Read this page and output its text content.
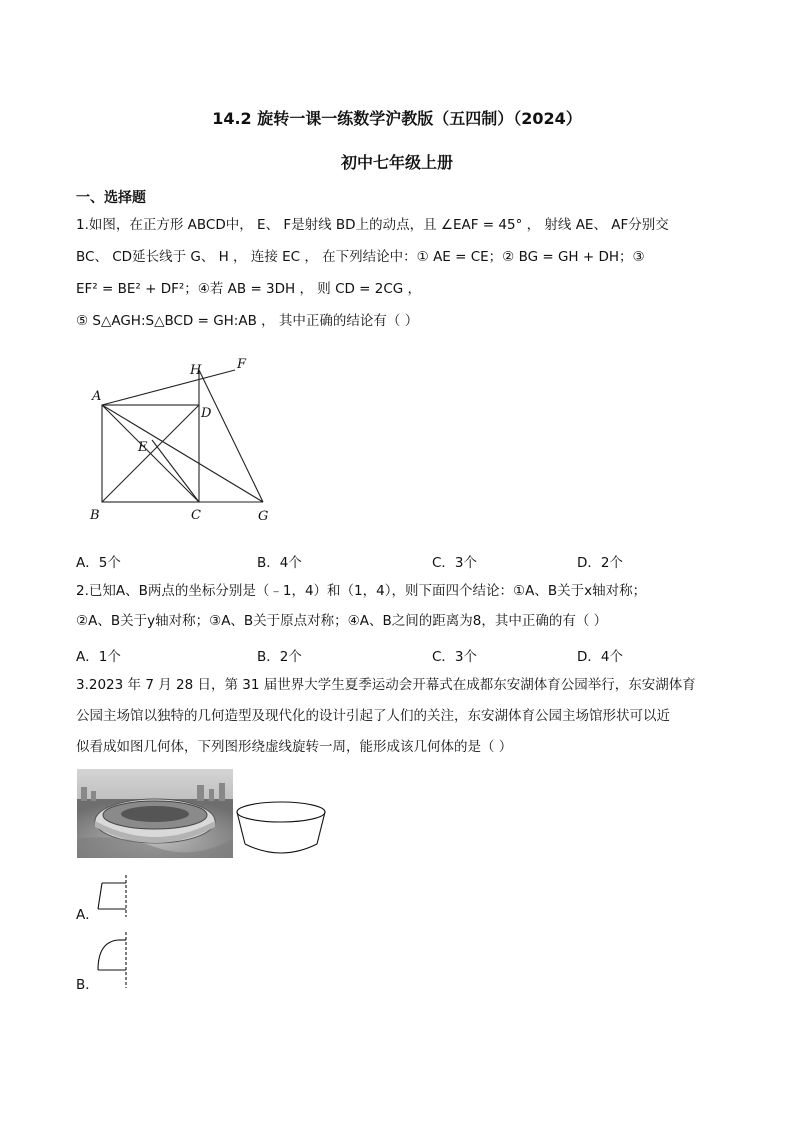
14.2 旋转一课一练数学沪教版（五四制）（2024）
初中七年级上册
一、选择题
1.如图，在正方形 ABCD中， E、 F是射线 BD上的动点，且 ∠EAF = 45° ， 射线 AE、 AF分别交
BC、 CD延长线于 G、 H ， 连接 EC ， 在下列结论中：① AE = CE；② BG = GH + DH；③
EF² = BE² + DF²；④若 AB = 3DH ， 则 CD = 2CG ，
⑤ S△AGH:S△BCD = GH:AB ， 其中正确的结论有（ ）
A
B	C
D
E
F
G
H
A．5个	B．4个	C．3个	D．2个
2.已知A、B两点的坐标分别是（﹣1，4）和（1，4），则下面四个结论：①A、B关于x轴对称；
②A、B关于y轴对称；③A、B关于原点对称；④A、B之间的距离为8，其中正确的有（ ）
A．1个	B．2个	C．3个	D．4个
3.2023 年 7 月 28 日，第 31 届世界大学生夏季运动会开幕式在成都东安湖体育公园举行，东安湖体育
公园主场馆以独特的几何造型及现代化的设计引起了人们的关注，东安湖体育公园主场馆形状可以近
似看成如图几何体，下列图形绕虚线旋转一周，能形成该几何体的是（ ）
A．
B．
